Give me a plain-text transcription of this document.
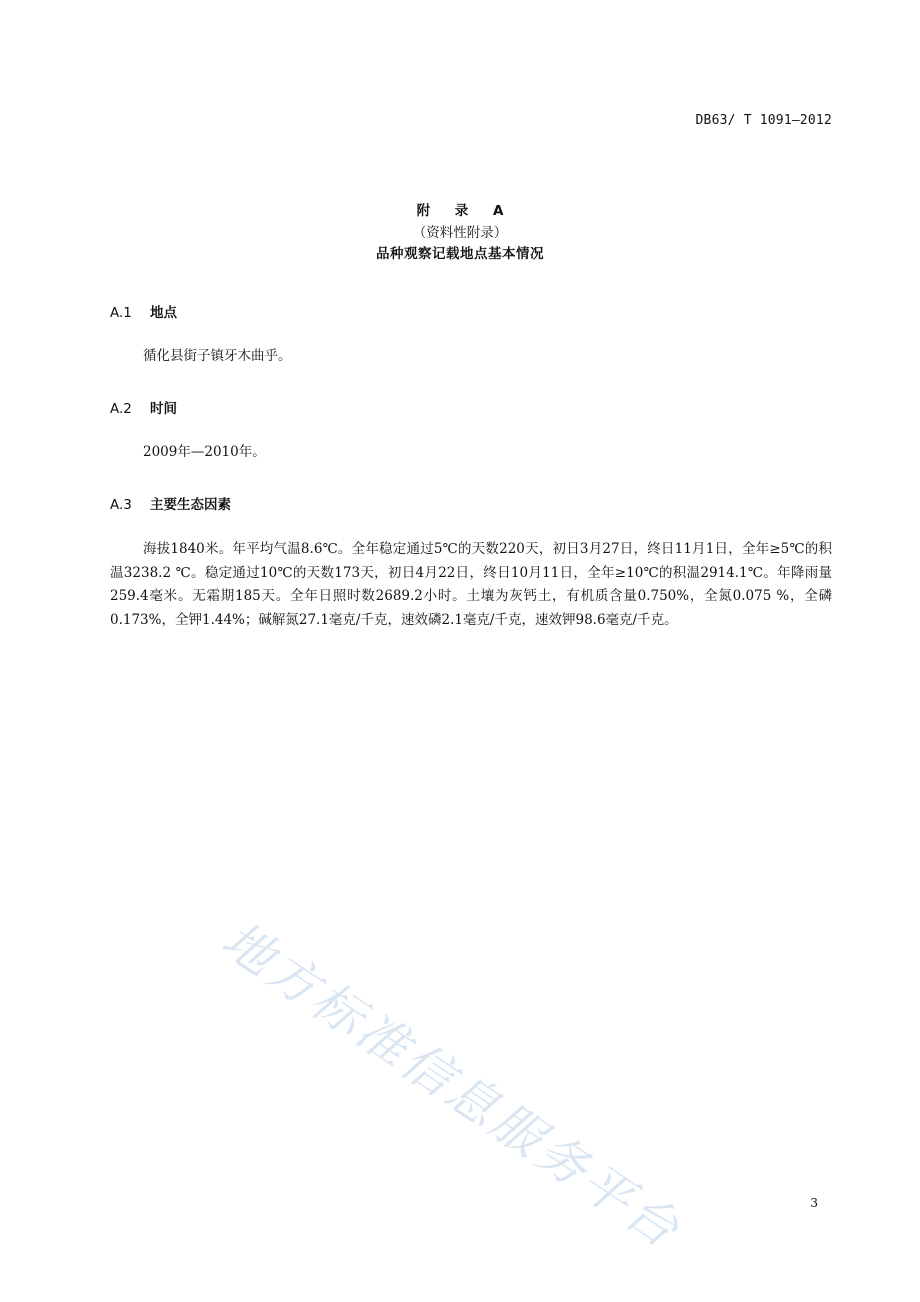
DB63/ T 1091—2012
附 录 A
（资料性附录）
品种观察记载地点基本情况
A.1 地点

循化县街子镇牙木曲乎。

A.2 时间

2009年—2010年。

A.3 主要生态因素

海拔1840米。年平均气温8.6℃。全年稳定通过5℃的天数220天，初日3月27日，终日11月1日，全年≥5℃的积温3238.2 ℃。稳定通过10℃的天数173天，初日4月22日，终日10月11日，全年≥10℃的积温2914.1℃。年降雨量259.4毫米。无霜期185天。全年日照时数2689.2小时。土壤为灰钙土，有机质含量0.750%，全氮0.075 %，全磷0.173%，全钾1.44%；碱解氮27.1毫克/千克，速效磷2.1毫克/千克，速效钾98.6毫克/千克。

地方标准信息服务平台	3
